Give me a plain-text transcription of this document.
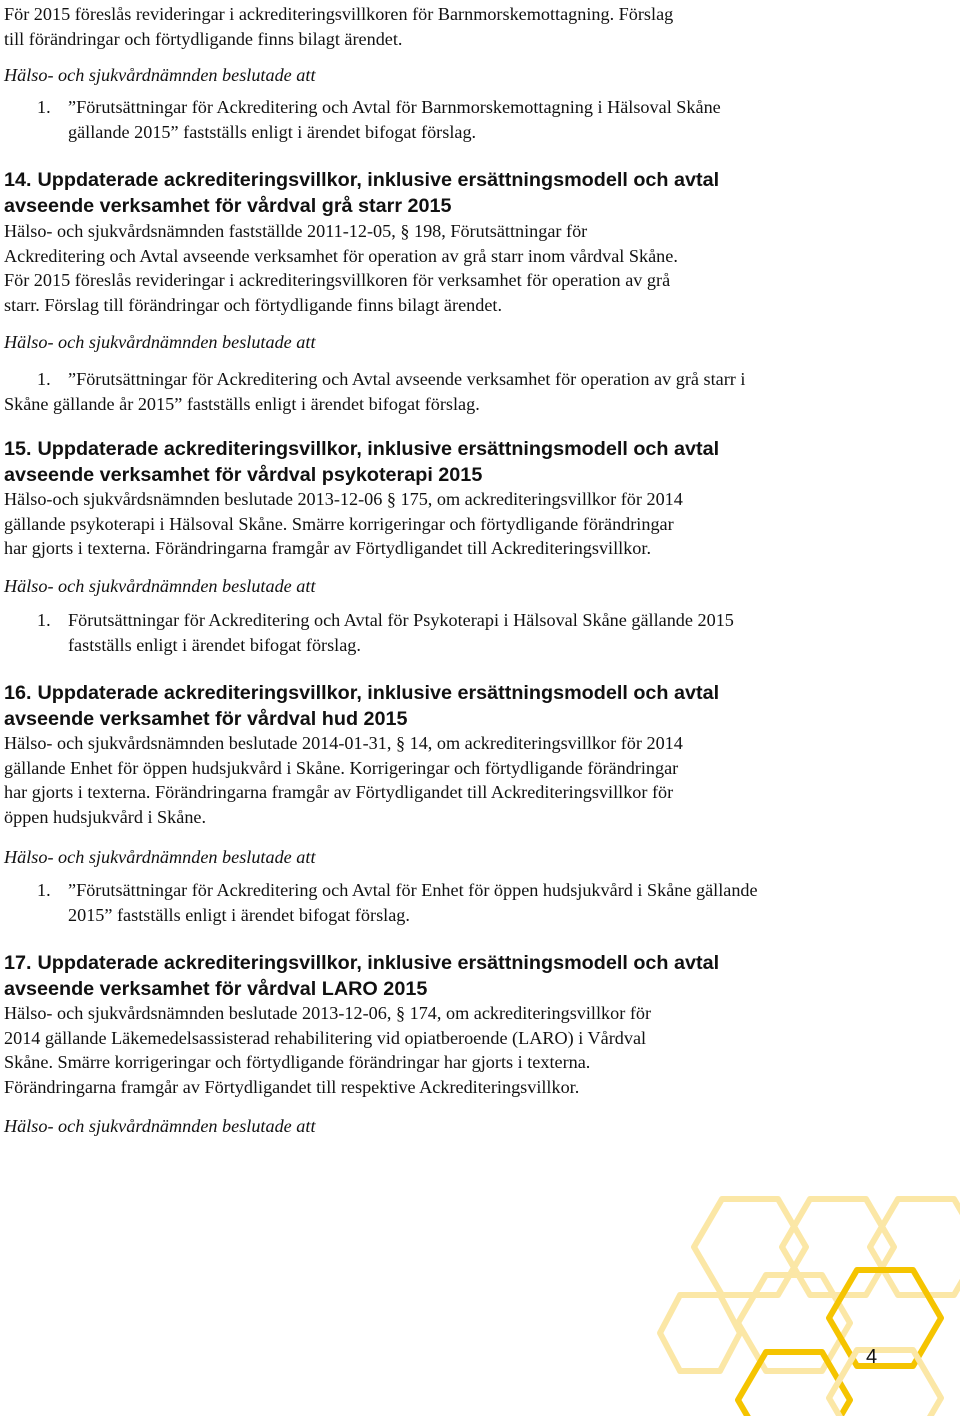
För 2015 föreslås revideringar i ackrediteringsvillkoren för Barnmorskemottagning. Förslag
till förändringar och förtydligande finns bilagt ärendet.

Hälso- och sjukvårdnämnden beslutade att

1. ”Förutsättningar för Ackreditering och Avtal för Barnmorskemottagning i Hälsoval Skåne
gällande 2015” fastställs enligt i ärendet bifogat förslag.
14. Uppdaterade ackrediteringsvillkor, inklusive ersättningsmodell och avtal
avseende verksamhet för vårdval grå starr 2015

Hälso- och sjukvårdsnämnden fastställde 2011-12-05, § 198, Förutsättningar för
Ackreditering och Avtal avseende verksamhet för operation av grå starr inom vårdval Skåne.
För 2015 föreslås revideringar i ackrediteringsvillkoren för verksamhet för operation av grå
starr. Förslag till förändringar och förtydligande finns bilagt ärendet.

Hälso- och sjukvårdnämnden beslutade att

1. ”Förutsättningar för Ackreditering och Avtal avseende verksamhet för operation av grå starr i
Skåne gällande år 2015” fastställs enligt i ärendet bifogat förslag.
15. Uppdaterade ackrediteringsvillkor, inklusive ersättningsmodell och avtal
avseende verksamhet för vårdval psykoterapi 2015

Hälso-och sjukvårdsnämnden beslutade 2013-12-06 § 175, om ackrediteringsvillkor för 2014
gällande psykoterapi i Hälsoval Skåne. Smärre korrigeringar och förtydligande förändringar
har gjorts i texterna. Förändringarna framgår av Förtydligandet till Ackrediteringsvillkor.

Hälso- och sjukvårdnämnden beslutade att

1. Förutsättningar för Ackreditering och Avtal för Psykoterapi i Hälsoval Skåne gällande 2015
fastställs enligt i ärendet bifogat förslag.
16. Uppdaterade ackrediteringsvillkor, inklusive ersättningsmodell och avtal
avseende verksamhet för vårdval hud 2015

Hälso- och sjukvårdsnämnden beslutade 2014-01-31, § 14, om ackrediteringsvillkor för 2014
gällande Enhet för öppen hudsjukvård i Skåne. Korrigeringar och förtydligande förändringar
har gjorts i texterna. Förändringarna framgår av Förtydligandet till Ackrediteringsvillkor för
öppen hudsjukvård i Skåne.

Hälso- och sjukvårdnämnden beslutade att

1. ”Förutsättningar för Ackreditering och Avtal för Enhet för öppen hudsjukvård i Skåne gällande
2015” fastställs enligt i ärendet bifogat förslag.
17. Uppdaterade ackrediteringsvillkor, inklusive ersättningsmodell och avtal
avseende verksamhet för vårdval LARO 2015

Hälso- och sjukvårdsnämnden beslutade 2013-12-06, § 174, om ackrediteringsvillkor för
2014 gällande Läkemedelsassisterad rehabilitering vid opiatberoende (LARO) i Vårdval
Skåne. Smärre korrigeringar och förtydligande förändringar har gjorts i texterna.
Förändringarna framgår av Förtydligandet till respektive Ackrediteringsvillkor.

Hälso- och sjukvårdnämnden beslutade att

4
